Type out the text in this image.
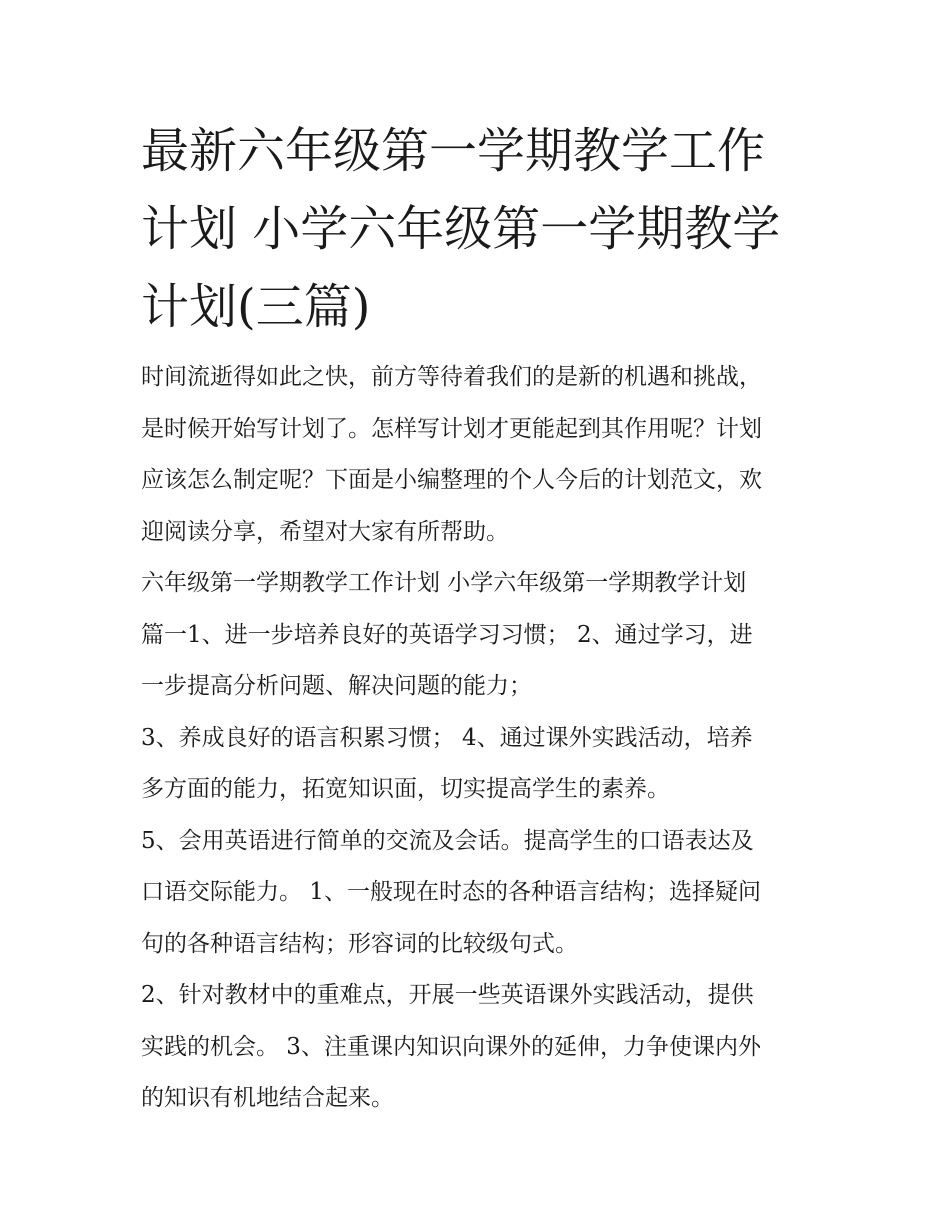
最新六年级第一学期教学工作
计划 小学六年级第一学期教学
计划(三篇)

时间流逝得如此之快，前方等待着我们的是新的机遇和挑战，
是时候开始写计划了。怎样写计划才更能起到其作用呢？计划
应该怎么制定呢？下面是小编整理的个人今后的计划范文，欢
迎阅读分享，希望对大家有所帮助。

六年级第一学期教学工作计划 小学六年级第一学期教学计划
篇一1、进一步培养良好的英语学习习惯； 2、通过学习，进
一步提高分析问题、解决问题的能力；

3、养成良好的语言积累习惯； 4、通过课外实践活动，培养
多方面的能力，拓宽知识面，切实提高学生的素养。

5、会用英语进行简单的交流及会话。提高学生的口语表达及
口语交际能力。 1、一般现在时态的各种语言结构；选择疑问
句的各种语言结构；形容词的比较级句式。

2、针对教材中的重难点，开展一些英语课外实践活动，提供
实践的机会。 3、注重课内知识向课外的延伸，力争使课内外
的知识有机地结合起来。
